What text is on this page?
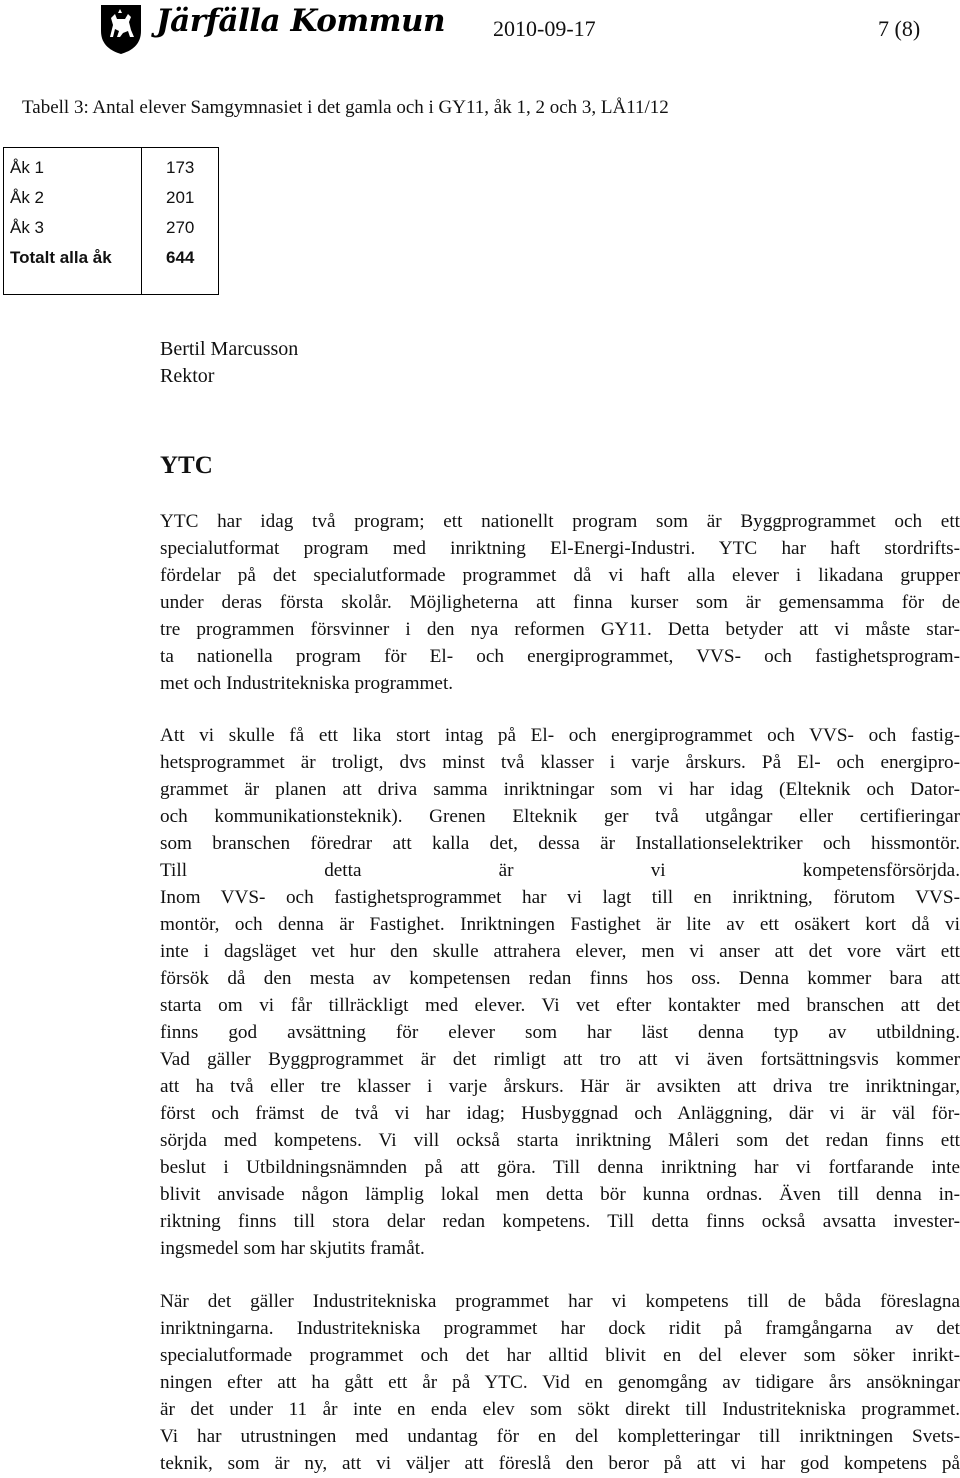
Järfälla Kommun 2010-09-17	7 (8)
Tabell 3: Antal elever Samgymnasiet i det gamla och i GY11, åk 1, 2 och 3, LÅ11/12
Åk 1	173
Åk 2	201
Åk 3	270
Totalt alla åk	644
Bertil Marcusson
Rektor
YTC
YTC har idag två program; ett nationellt program som är Byggprogrammet och ett
specialutformat program med inriktning El-Energi-Industri. YTC har haft stordrifts-
fördelar på det specialutformade programmet då vi haft alla elever i likadana grupper
under deras första skolår. Möjligheterna att finna kurser som är gemensamma för de
tre programmen försvinner i den nya reformen GY11. Detta betyder att vi måste star-
ta nationella program för El- och energiprogrammet, VVS- och fastighetsprogram-
met och Industritekniska programmet.
Att vi skulle få ett lika stort intag på El- och energiprogrammet och VVS- och fastig-
hetsprogrammet är troligt, dvs minst två klasser i varje årskurs. På El- och energipro-
grammet är planen att driva samma inriktningar som vi har idag (Elteknik och Dator-
och kommunikationsteknik). Grenen Elteknik ger två utgångar eller certifieringar
som branschen föredrar att kalla det, dessa är Installationselektriker och hissmontör.
Till detta är vi kompetensförsörjda.
Inom VVS- och fastighetsprogrammet har vi lagt till en inriktning, förutom VVS-
montör, och denna är Fastighet. Inriktningen Fastighet är lite av ett osäkert kort då vi
inte i dagsläget vet hur den skulle attrahera elever, men vi anser att det vore värt ett
försök då den mesta av kompetensen redan finns hos oss. Denna kommer bara att
starta om vi får tillräckligt med elever. Vi vet efter kontakter med branschen att det
finns god avsättning för elever som har läst denna typ av utbildning.
Vad gäller Byggprogrammet är det rimligt att tro att vi även fortsättningsvis kommer
att ha två eller tre klasser i varje årskurs. Här är avsikten att driva tre inriktningar,
först och främst de två vi har idag; Husbyggnad och Anläggning, där vi är väl för-
sörjda med kompetens. Vi vill också starta inriktning Måleri som det redan finns ett
beslut i Utbildningsnämnden på att göra. Till denna inriktning har vi fortfarande inte
blivit anvisade någon lämplig lokal men detta bör kunna ordnas. Även till denna in-
riktning finns till stora delar redan kompetens. Till detta finns också avsatta invester-
ingsmedel som har skjutits framåt.
När det gäller Industritekniska programmet har vi kompetens till de båda föreslagna
inriktningarna. Industritekniska programmet har dock ridit på framgångarna av det
specialutformade programmet och det har alltid blivit en del elever som söker inrikt-
ningen efter att ha gått ett år på YTC. Vid en genomgång av tidigare års ansökningar
är det under 11 år inte en enda elev som sökt direkt till Industritekniska programmet.
Vi har utrustningen med undantag för en del kompletteringar till inriktningen Svets-
teknik, som är ny, att vi väljer att föreslå den beror på att vi har god kompetens på
